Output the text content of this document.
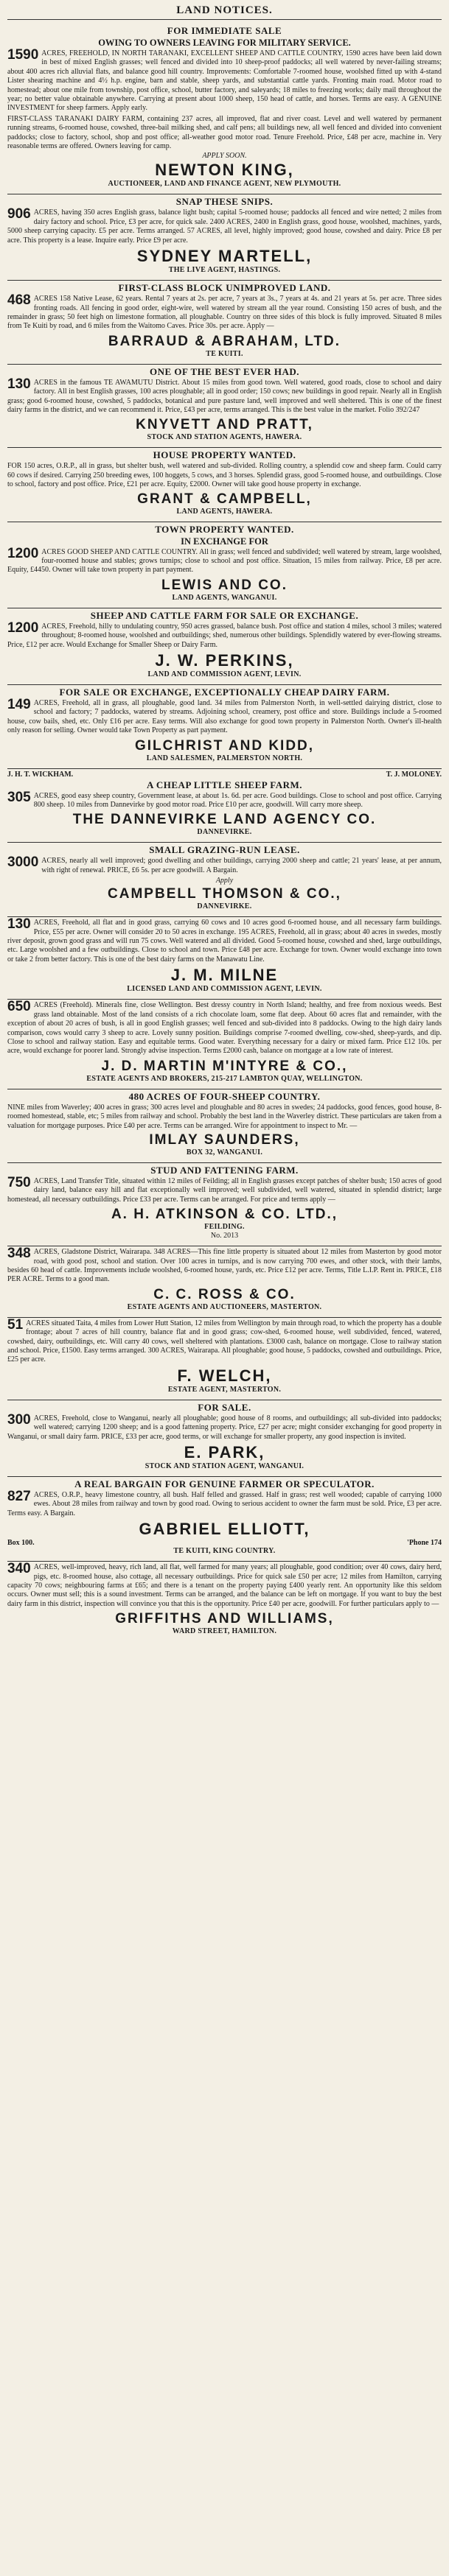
LAND NOTICES.
FOR IMMEDIATE SALE
OWING TO OWNERS LEAVING FOR MILITARY SERVICE.
1590 ACRES, FREEHOLD, IN NORTH TARANAKI, EXCELLENT SHEEP AND CATTLE COUNTRY, 1590 acres have been laid down in best of mixed English grasses; well fenced and divided into 10 sheep-proof paddocks; all well watered by never-failing streams; about 400 acres rich alluvial flats, and balance good hill country. Improvements: Comfortable 7-roomed house, woolshed fitted up with 4-stand Lister shearing machine and 4½ h.p. engine, barn and stable, sheep yards, and substantial cattle yards. Fronting main road. Motor road to homestead; about one mile from township, post office, school, butter factory, and saleyards; 18 miles to freezing works; daily mail throughout the year; no better value obtainable anywhere. Carrying at present about 1000 sheep, 150 head of cattle, and horses. Terms are easy. A GENUINE INVESTMENT for sheep farmers. Apply early.
FIRST-CLASS TARANAKI DAIRY FARM, containing 237 acres, all improved, flat and river coast. Level and well watered by permanent running streams, 6-roomed house, cowshed, three-bail milking shed, and calf pens; all buildings new, all well fenced and divided into convenient paddocks; close to factory, school, shop and post office; all-weather good motor road. Tenure Freehold. Price, £48 per acre, machine in. Very reasonable terms are offered. Owners leaving for camp.
APPLY SOON.
NEWTON KING,
AUCTIONEER, LAND AND FINANCE AGENT, NEW PLYMOUTH.
SNAP THESE SNIPS.
906 ACRES, having 350 acres English grass, balance light bush; capital 5-roomed house; paddocks all fenced and wire netted; 2 miles from dairy factory and school. Price, £3 per acre, for quick sale. 2400 ACRES, 2400 in English grass, good house, woolshed, machines, yards, 5000 sheep carrying capacity. £5 per acre. Terms arranged. 57 ACRES, all level, highly improved; good house, cowshed and dairy. Price £8 per acre. This property is a lease. Inquire early. Price £9 per acre.
SYDNEY MARTELL,
THE LIVE AGENT, HASTINGS.
FIRST-CLASS BLOCK UNIMPROVED LAND.
468 ACRES 158 Native Lease, 62 years. Rental 7 years at 2s. per acre, 7 years at 3s., 7 years at 4s. and 21 years at 5s. per acre. Three sides fronting roads. All fencing in good order, eight-wire, well watered by stream all the year round. Consisting 150 acres of bush, and the remainder in grass; 50 feet high on limestone formation, all ploughable. Country on three sides of this block is fully improved. Situated 8 miles from Te Kuiti by road, and 6 miles from the Waitomo Caves. Price 30s. per acre. Apply —
BARRAUD & ABRAHAM, LTD.
TE KUITI.
ONE OF THE BEST EVER HAD.
130 ACRES in the famous TE AWAMUTU District. About 15 miles from good town. Well watered, good roads, close to school and dairy factory. All in best English grasses, 100 acres ploughable; all in good order; 150 cows; new buildings in good repair. Nearly all in English grass; good 6-roomed house, cowshed, 5 paddocks, botanical and pure pasture land, well improved and well sheltered. This is one of the finest dairy farms in the district, and we can recommend it. Price, £43 per acre, terms arranged. This is the best value in the market. Folio 392/247
KNYVETT AND PRATT,
STOCK AND STATION AGENTS, HAWERA.
HOUSE PROPERTY WANTED.
FOR 150 acres, O.R.P., all in grass, but shelter bush, well watered and sub-divided. Rolling country, a splendid cow and sheep farm. Could carry 60 cows if desired. Carrying 250 breeding ewes, 100 hoggets, 5 cows, and 3 horses. Splendid grass, good 5-roomed house, and outbuildings. Close to school, factory and post office. Price, £21 per acre. Equity, £2000. Owner will take good house property in exchange.
GRANT & CAMPBELL,
LAND AGENTS, HAWERA.
TOWN PROPERTY WANTED.
IN EXCHANGE FOR
1200 ACRES GOOD SHEEP AND CATTLE COUNTRY. All in grass; well fenced and subdivided; well watered by stream, large woolshed, four-roomed house and stables; grows turnips; close to school and post office. Situation, 15 miles from railway. Price, £8 per acre. Equity, £4450. Owner will take town property in part payment.
LEWIS AND CO.
LAND AGENTS, WANGANUI.
SHEEP AND CATTLE FARM FOR SALE OR EXCHANGE.
1200 ACRES, Freehold, hilly to undulating country, 950 acres grassed, balance bush. Post office and station 4 miles, school 3 miles; watered throughout; 8-roomed house, woolshed and outbuildings; shed, numerous other buildings. Splendidly watered by ever-flowing streams. Price, £12 per acre. Would Exchange for Smaller Sheep or Dairy Farm.
J. W. PERKINS,
LAND AND COMMISSION AGENT, LEVIN.
FOR SALE OR EXCHANGE, EXCEPTIONALLY CHEAP DAIRY FARM.
149 ACRES, Freehold, all in grass, all ploughable, good land. 34 miles from Palmerston North, in well-settled dairying district, close to school and factory; 7 paddocks, watered by streams. Adjoining school, creamery, post office and store. Buildings include a 5-roomed house, cow bails, shed, etc. Only £16 per acre. Easy terms. Will also exchange for good town property in Palmerston North. Owner's ill-health only reason for selling. Owner would take Town Property as part payment.
GILCHRIST AND KIDD,
LAND SALESMEN, PALMERSTON NORTH.
J. H. T. WICKHAM.	T. J. MOLONEY.
A CHEAP LITTLE SHEEP FARM.
305 ACRES, good easy sheep country, Government lease, at about 1s. 6d. per acre. Good buildings. Close to school and post office. Carrying 800 sheep. 10 miles from Dannevirke by good motor road. Price £10 per acre, goodwill. Will carry more sheep.
THE DANNEVIRKE LAND AGENCY CO.
DANNEVIRKE.
SMALL GRAZING-RUN LEASE.
3000 ACRES, nearly all well improved; good dwelling and other buildings, carrying 2000 sheep and cattle; 21 years' lease, at per annum, with right of renewal. PRICE, £6 5s. per acre goodwill. A Bargain.
Apply
CAMPBELL THOMSON & CO.,
DANNEVIRKE.
130 ACRES, Freehold, all flat and in good grass, carrying 60 cows and 10 acres good 6-roomed house, and all necessary farm buildings. Price, £55 per acre. Owner will consider 20 to 50 acres in exchange. 195 ACRES, Freehold, all in grass; about 40 acres in swedes, mostly river deposit, grown good grass and will run 75 cows. Well watered and all divided. Good 5-roomed house, cowshed and shed, large outbuildings, etc. Large woolshed and a few outbuildings. Close to school and town. Price £48 per acre. Exchange for town. Owner would exchange into town or take 2 from better factory. This is one of the best dairy farms on the Manawatu Line.
J. M. MILNE
LICENSED LAND AND COMMISSION AGENT, LEVIN.
650 ACRES (Freehold). Minerals fine, close Wellington. Best dressy country in North Island; healthy, and free from noxious weeds. Best grass land obtainable. Most of the land consists of a rich chocolate loam, some flat deep. About 60 acres flat and remainder, with the exception of about 20 acres of bush, is all in good English grasses; well fenced and sub-divided into 8 paddocks. Owing to the high dairy lands comparison, cows would carry 3 sheep to acre. Lovely sunny position. Buildings comprise 7-roomed dwelling, cow-shed, sheep-yards, and dip. Close to school and railway station. Easy and equitable terms. Good water. Everything necessary for a dairy or mixed farm. Price £12 10s. per acre, would exchange for poorer land. Strongly advise inspection. Terms £2000 cash, balance on mortgage at a low rate of interest.
J. D. MARTIN M'INTYRE & CO.,
ESTATE AGENTS AND BROKERS, 215-217 LAMBTON QUAY, WELLINGTON.
480 ACRES OF FOUR-SHEEP COUNTRY.
NINE miles from Waverley; 400 acres in grass; 300 acres level and ploughable and 80 acres in swedes; 24 paddocks, good fences, good house, 8-roomed homestead, stable, etc; 5 miles from railway and school. Probably the best land in the Waverley district. These particulars are taken from a valuation for mortgage purposes. Price £40 per acre. Terms can be arranged. Wire for appointment to inspect to Mr. —
IMLAY SAUNDERS,
BOX 32, WANGANUI.
STUD AND FATTENING FARM.
750 ACRES, Land Transfer Title, situated within 12 miles of Feilding; all in English grasses except patches of shelter bush; 150 acres of good dairy land, balance easy hill and flat exceptionally well improved; well subdivided, well watered, situated in splendid district; large homestead, all necessary outbuildings. Price £33 per acre. Terms can be arranged. For price and terms apply —
A. H. ATKINSON & CO. LTD.,
FEILDING.
No. 2013
348 ACRES, Gladstone District, Wairarapa. 348 ACRES—This fine little property is situated about 12 miles from Masterton by good motor road, with good post, school and station. Over 100 acres in turnips, and is now carrying 700 ewes, and other stock, with their lambs, besides 60 head of cattle. Improvements include woolshed, 6-roomed house, yards, etc. Price £12 per acre. Terms, Title L.I.P. Rent in. PRICE, £18 PER ACRE. Terms to a good man.
C. C. ROSS & CO.
ESTATE AGENTS AND AUCTIONEERS, MASTERTON.
51 ACRES situated Taita, 4 miles from Lower Hutt Station, 12 miles from Wellington by main through road, to which the property has a double frontage; about 7 acres of hill country, balance flat and in good grass; cow-shed, 6-roomed house, well subdivided, fenced, watered, cowshed, dairy, outbuildings, etc. Will carry 40 cows, well sheltered with plantations. £3000 cash, balance on mortgage. Close to railway station and school. Price, £1500. Easy terms arranged. 300 ACRES, Wairarapa. All ploughable; good house, 5 paddocks, cowshed and outbuildings. Price, £25 per acre.
F. WELCH,
ESTATE AGENT, MASTERTON.
FOR SALE.
300 ACRES, Freehold, close to Wanganui, nearly all ploughable; good house of 8 rooms, and outbuildings; all sub-divided into paddocks; well watered; carrying 1200 sheep; and is a good fattening property. Price, £27 per acre; might consider exchanging for good property in Wanganui, or small dairy farm. PRICE, £33 per acre, good terms, or will exchange for smaller property, any good inspection is invited.
E. PARK,
STOCK AND STATION AGENT, WANGANUI.
A REAL BARGAIN FOR GENUINE FARMER OR SPECULATOR.
827 ACRES, O.R.P., heavy limestone country, all bush. Half felled and grassed. Half in grass; rest well wooded; capable of carrying 1000 ewes. About 28 miles from railway and town by good road. Owing to serious accident to owner the farm must be sold. Price, £3 per acre. Terms easy. A Bargain.
GABRIEL ELLIOTT,
Box 100.	'Phone 174
TE KUITI, KING COUNTRY.
340 ACRES, well-improved, heavy, rich land, all flat, well farmed for many years; all ploughable, good condition; over 40 cows, dairy herd, pigs, etc. 8-roomed house, also cottage, all necessary outbuildings. Price for quick sale £50 per acre; 12 miles from Hamilton, carrying capacity 70 cows; neighbouring farms at £65; and there is a tenant on the property paying £400 yearly rent. An opportunity like this seldom occurs. Owner must sell; this is a sound investment. Terms can be arranged, and the balance can be left on mortgage. If you want to buy the best dairy farm in this district, inspection will convince you that this is the opportunity. Price £40 per acre, goodwill. For further particulars apply to —
GRIFFITHS AND WILLIAMS,
WARD STREET, HAMILTON.
